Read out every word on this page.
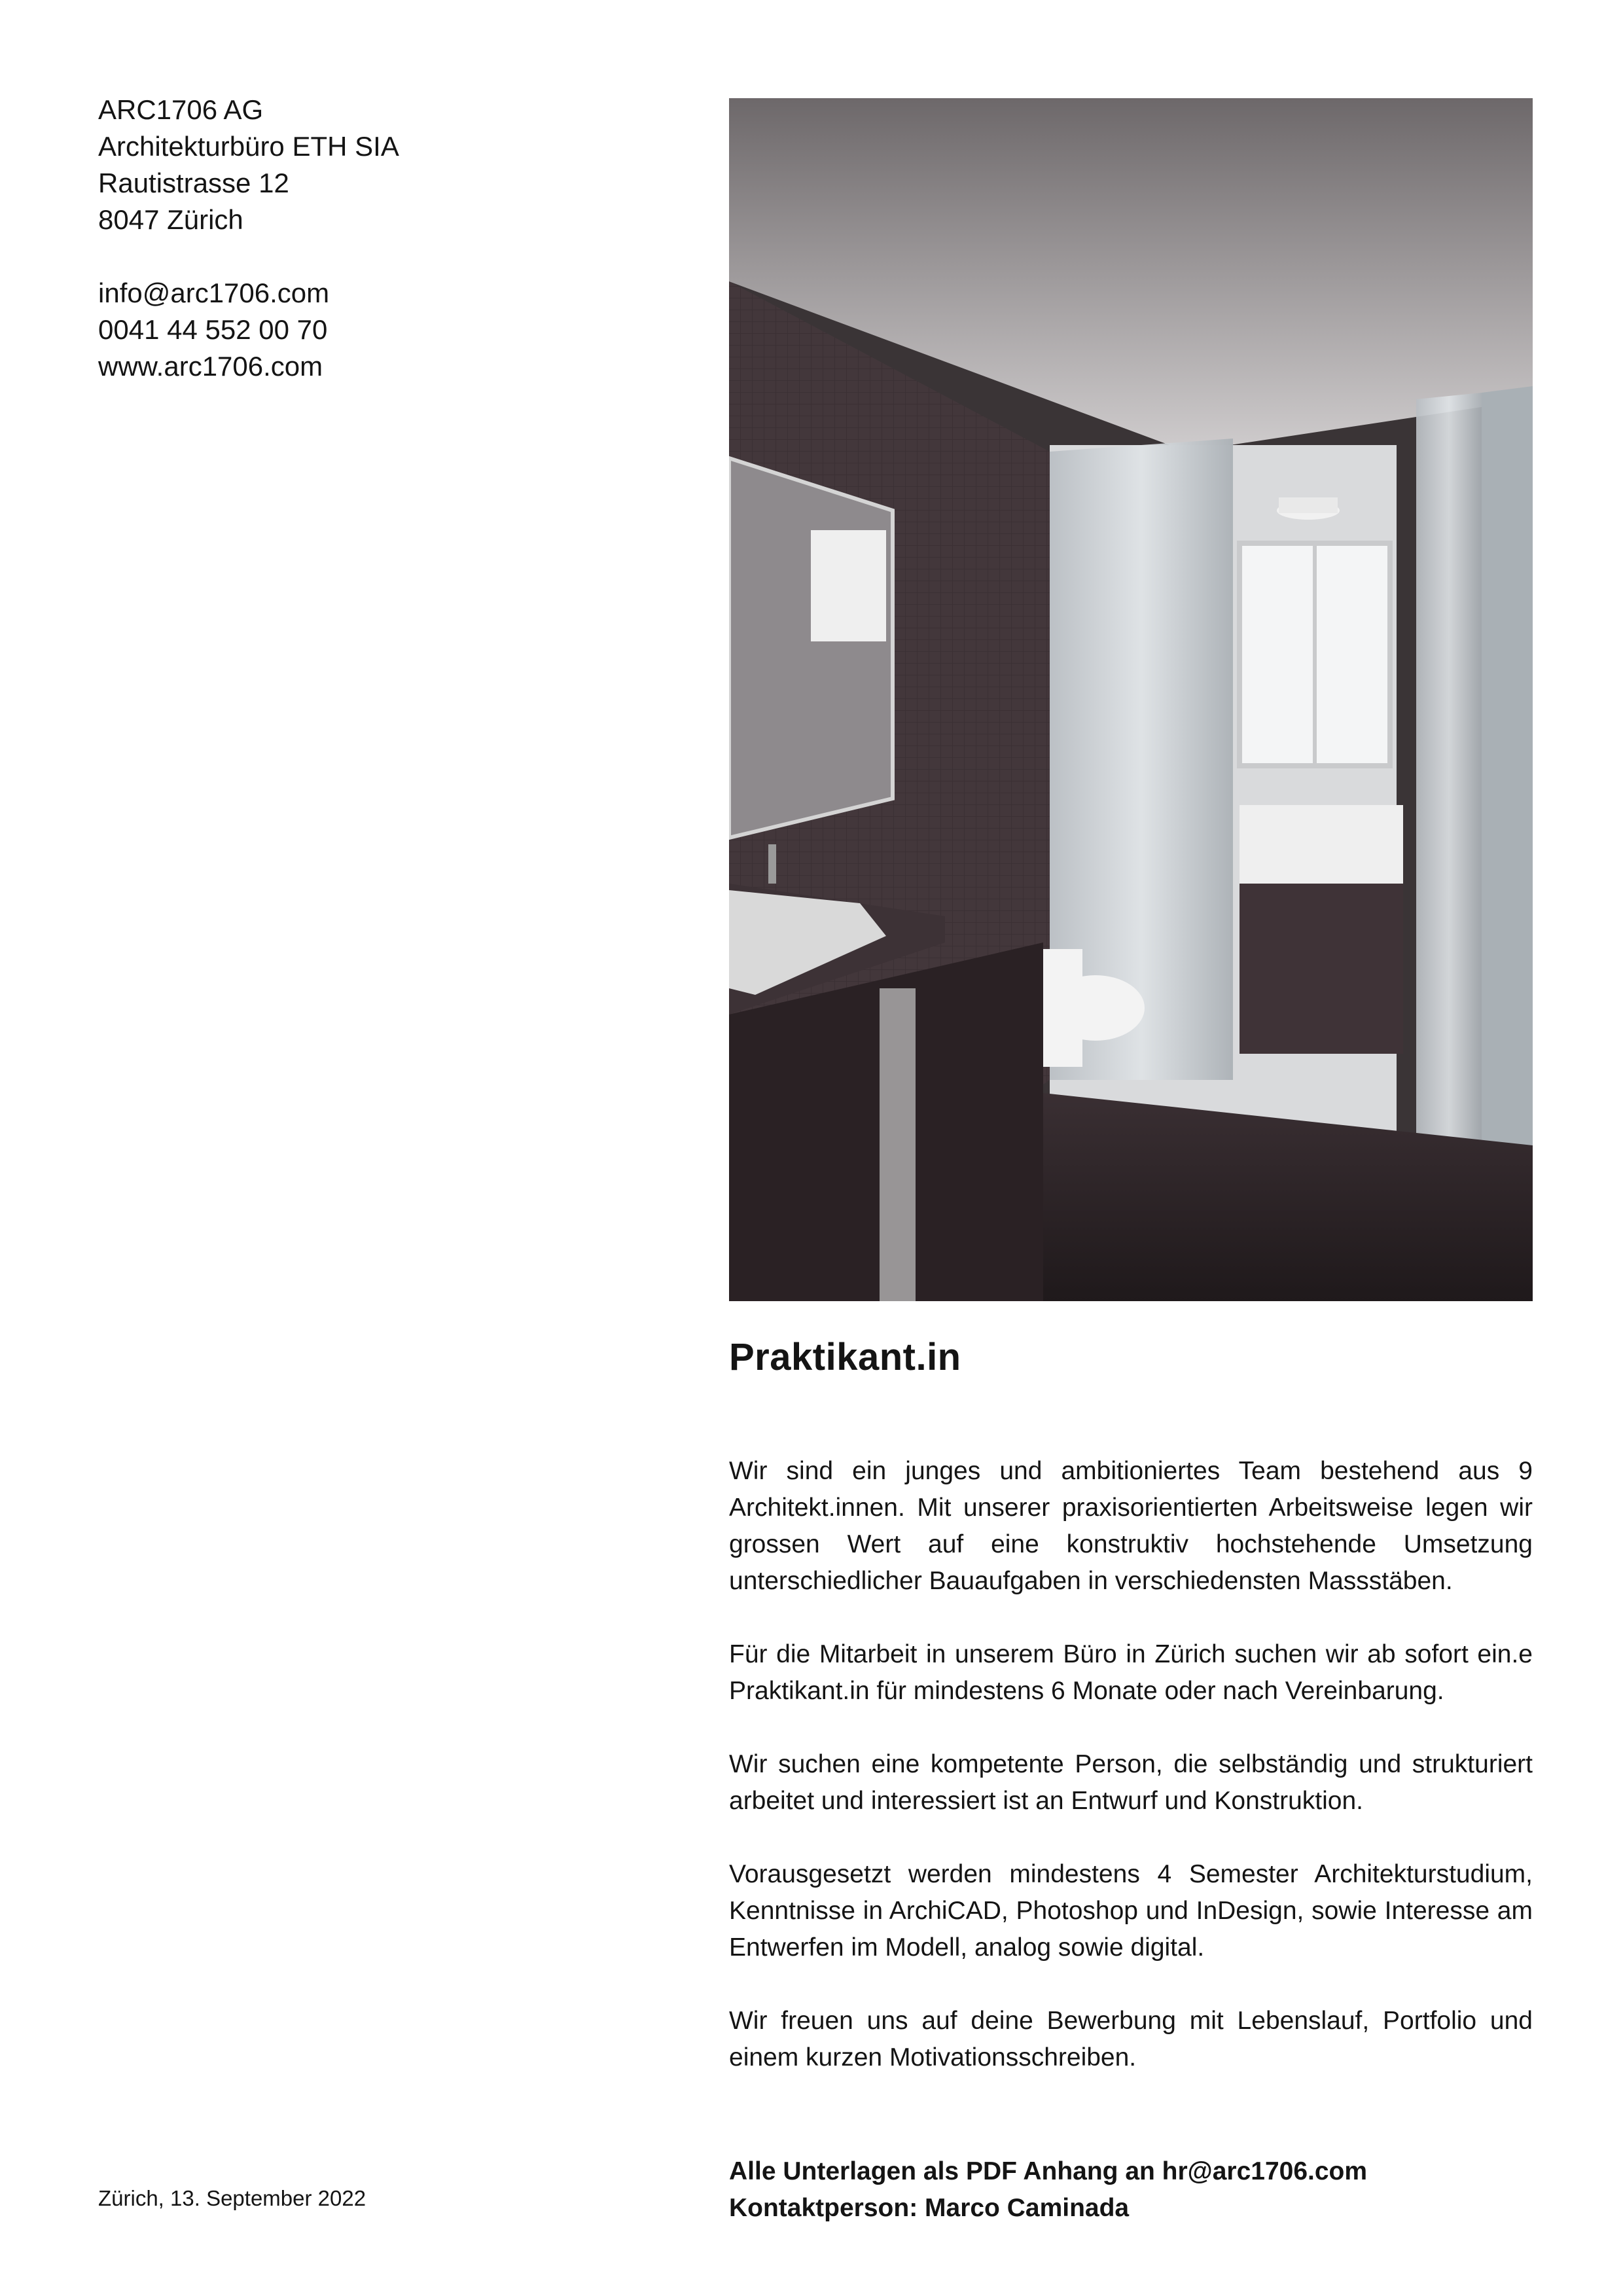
ARC1706 AG
Architekturbüro ETH SIA
Rautistrasse 12
8047 Zürich
info@arc1706.com
0041 44 552 00 70
www.arc1706.com
Praktikant.in

Wir sind ein junges und ambitioniertes Team bestehend aus 9 Architekt.innen. Mit unserer praxisorientierten Arbeitsweise legen wir grossen Wert auf eine konstruktiv hochstehende Umsetzung unterschiedlicher Bauaufgaben in verschiedensten Massstäben.

Für die Mitarbeit in unserem Büro in Zürich suchen wir ab sofort ein.e Praktikant.in für mindestens 6 Monate oder nach Vereinbarung.

Wir suchen eine kompetente Person, die selbständig und strukturiert arbeitet und interessiert ist an Entwurf und Konstruktion.

Vorausgesetzt werden mindestens 4 Semester Architekturstudium, Kenntnisse in ArchiCAD, Photoshop und InDesign, sowie Interesse am Entwerfen im Modell, analog sowie digital.

Wir freuen uns auf deine Bewerbung mit Lebenslauf, Portfolio und einem kurzen Motivationsschreiben.

Zürich, 13. September 2022
Alle Unterlagen als PDF Anhang an hr@arc1706.com
Kontaktperson: Marco Caminada
